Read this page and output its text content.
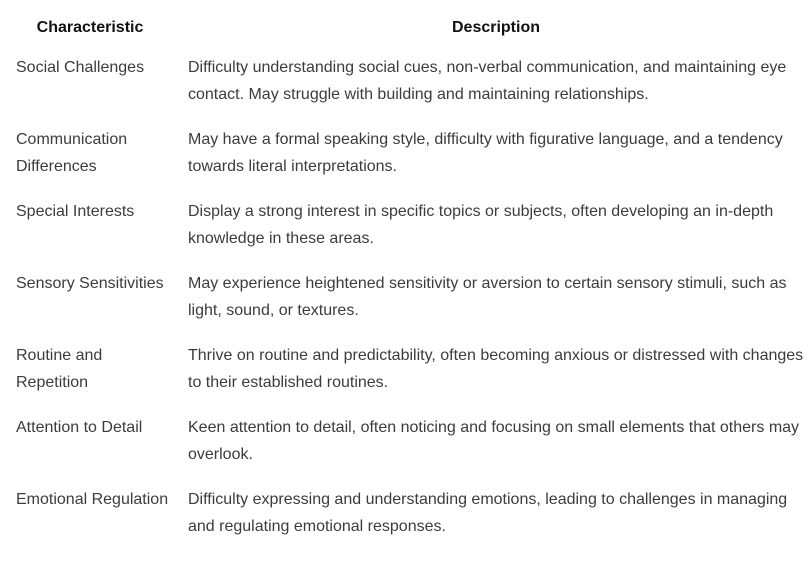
Characteristic	Description
Social Challenges	Difficulty understanding social cues, non-verbal communication, and maintaining eye contact. May struggle with building and maintaining relationships.
Communication Differences	May have a formal speaking style, difficulty with figurative language, and a tendency towards literal interpretations.
Special Interests	Display a strong interest in specific topics or subjects, often developing an in-depth knowledge in these areas.
Sensory Sensitivities	May experience heightened sensitivity or aversion to certain sensory stimuli, such as light, sound, or textures.
Routine and Repetition	Thrive on routine and predictability, often becoming anxious or distressed with changes to their established routines.
Attention to Detail	Keen attention to detail, often noticing and focusing on small elements that others may overlook.
Emotional Regulation	Difficulty expressing and understanding emotions, leading to challenges in managing and regulating emotional responses.
